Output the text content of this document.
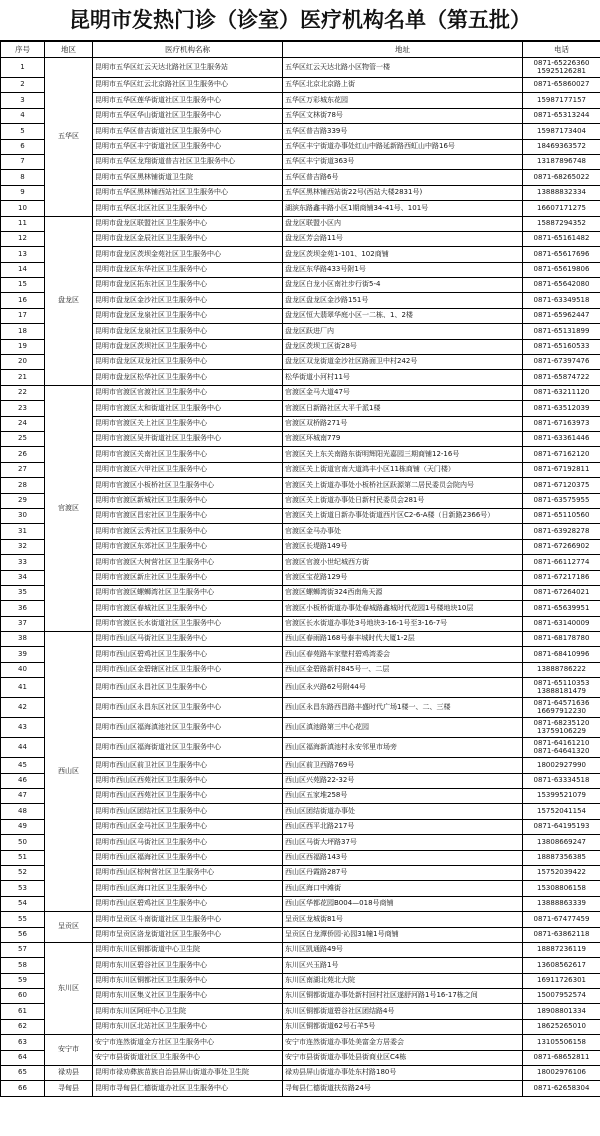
昆明市发热门诊（诊室）医疗机构名单（第五批）
序号	地区	医疗机构名称	地址	电话
1	五华区	昆明市五华区红云天达北路社区卫生服务站	五华区红云天达北路小区物管一楼	0871-65226360 15925126281
2		昆明市五华区红云北京路社区卫生服务中心	五华区北京北京路上街	0871-65860027
3		昆明市五华区莲华街道社区卫生服务中心	五华区万彩城东花园	15987177157
4		昆明市五华区华山街道社区卫生服务中心	五华区文林街78号	0871-65313244
5		昆明市五华区普吉街道社区卫生服务中心	五华区普吉路339号	15987173404
6		昆明市五华区丰宁街道社区卫生服务中心	五华区丰宁街道办事处红山中路延新路西虹山中路16号	18469363572
7		昆明市五华区龙翔街道普吉社区卫生服务中心	五华区丰宁街道363号	13187896748
8		昆明市五华区黑林铺街道卫生院	五华区普吉路6号	0871-68265022
9		昆明市五华区黑林铺西站社区卫生服务中心	五华区黑林铺西站街22号(西站大楼2831号)	13888832334
10		昆明市五华区北区社区卫生服务中心	湖滨东路鑫丰路小区1期商铺34-41号、101号	16607171275
11	盘龙区	昆明市盘龙区联盟社区卫生服务中心	盘龙区联盟小区内	15887294352
12		昆明市盘龙区金辰社区卫生服务中心	盘龙区芳会路11号	0871-65161482
13		昆明市盘龙区茨坝金苑社区卫生服务中心	盘龙区茨坝金苑1-101、102商铺	0871-65617696
14		昆明市盘龙区东华社区卫生服务中心	盘龙区东华路433号附1号	0871-65619806
15		昆明市盘龙区拓东社区卫生服务中心	盘龙区白龙小区南社步行街5-4	0871-65642080
16		昆明市盘龙区金沙社区卫生服务中心	盘龙区盘龙区金沙路151号	0871-63349518
17		昆明市盘龙区龙泉社区卫生服务中心	盘龙区恒大翡翠华庭小区一二栋、1、2楼	0871-65962447
18		昆明市盘龙区龙泉社区卫生服务中心	盘龙区跃进厂内	0871-65131899
19		昆明市盘龙区茨坝社区卫生服务中心	盘龙区茨坝工区街28号	0871-65160533
20		昆明市盘龙区双龙社区卫生服务中心	盘龙区双龙街道金沙社区路面卫中村242号	0871-67397476
21		昆明市盘龙区松华社区卫生服务中心	松华街道小河村11号	0871-65874722
22	官渡区	昆明市官渡区官渡社区卫生服务中心	官渡区金马大道47号	0871-63211120
23		昆明市官渡区太和街道社区卫生服务中心	官渡区日新路社区大平千派1楼	0871-63512039
24		昆明市官渡区关上社区卫生服务中心	官渡区双桥路271号	0871-67163973
25		昆明市官渡区吴井街道社区卫生服务中心	官渡区环城南779	0871-63361446
26		昆明市官渡区关南社区卫生服务中心	官渡区关上东关南路东街明辉阳光嘉园三期商铺12-16号	0871-67162120
27		昆明市官渡区六甲社区卫生服务中心	官渡区关上街道官南大道鸿丰小区11栋商铺（天门楼）	0871-67192811
28		昆明市官渡区小板桥社区卫生服务中心	官渡区关上街道办事处小板桥社区跃源第二居民委员会院内号	0871-67120375
29		昆明市官渡区新城社区卫生服务中心	官渡区关上街道办事处日新村民委员会281号	0871-63575955
30		昆明市官渡区昌宏社区卫生服务中心	官渡区关上街道日新办事处街道西片区C2-6-A楼（日新路2366号）	0871-65110560
31		昆明市官渡区云秀社区卫生服务中心	官渡区金马办事处	0871-63928278
32		昆明市官渡区东郊社区卫生服务中心	官渡区长堤路149号	0871-67266902
33		昆明市官渡区大树营社区卫生服务中心	官渡区官渡小世纪城西方街	0871-66112774
34		昆明市官渡区新庄社区卫生服务中心	官渡区宝花路129号	0871-67217186
35		昆明市官渡区螺蛳湾社区卫生服务中心	官渡区螺蛳湾街324西南角天源	0871-67264021
36		昆明市官渡区春城社区卫生服务中心	官渡区小板桥街道办事处春城路鑫城时代花园1号楼地块10层	0871-65639951
37		昆明市官渡区长水街道社区卫生服务中心	官渡区长水街道办事处3号地块3-16-1号至3-16-7号	0871-63140009
38	西山区	昆明市西山区马街社区卫生服务中心	西山区春雨路168号泰丰城时代大厦1-2层	0871-68178780
39		昆明市西山区碧鸡社区卫生服务中心	西山区春苑路车家壁村碧鸡湾委会	0871-68410996
40		昆明市西山区金碧辖区社区卫生服务中心	西山区金碧路新村845号一、二层	13888786222
41		昆明市西山区永昌社区卫生服务中心	西山区永兴路62号附44号	0871-65110353 13888181479
42		昆明市西山区永昌东区社区卫生服务中心	西山区永昌东路西昌路丰盛时代广场1楼一、二、三楼	0871-64571636 16697912230
43		昆明市西山区福海滇池社区卫生服务中心	西山区滇池路第三中心花园	0871-68235120 13759106229
44		昆明市西山区福海街道社区卫生服务中心	西山区福海新滇池村永安邻里市场旁	0871-64161210 0871-64641320
45		昆明市西山区前卫社区卫生服务中心	西山区前卫西路769号	18002927990
46		昆明市西山区西苑社区卫生服务中心	西山区兴苑路22-32号	0871-63334518
47		昆明市西山区西苑社区卫生服务中心	西山区五家堆258号	15399521079
48		昆明市西山区团结社区卫生服务中心	西山区团结街道办事处	15752041154
49		昆明市西山区金马社区卫生服务中心	西山区西平北路217号	0871-64195193
50		昆明市西山区马街社区卫生服务中心	西山区马街大坪路37号	13808669247
51		昆明市西山区福海社区卫生服务中心	西山区西福路143号	18887356385
52		昆明市西山区棕树营社区卫生服务中心	西山区丹霞路287号	15752039422
53		昆明市西山区海口社区卫生服务中心	西山区海口中滩街	15308806158
54		昆明市西山区碧鸡社区卫生服务中心	西山区华都花园B004—018号商铺	13888863339
55	呈贡区	昆明市呈贡区斗南街道社区卫生服务中心	呈贡区龙城街81号	0871-67477459
56		昆明市呈贡区洛龙街道社区卫生服务中心	呈贡区白龙潭侨园·沁园31幢1号商铺	0871-63862118
57	东川区	昆明市东川区铜都街道中心卫生院	东川区凯通路49号	18887236119
58		昆明市东川区碧谷社区卫生服务中心	东川区兴玉路1号	13608562617
59		昆明市东川区铜都社区卫生服务中心	东川区南湖北苑北大院	16911726301
60		昆明市东川区集义社区卫生服务中心	东川区铜都街道办事处新村回村社区遂舒河路1号16-17栋之间	15007952574
61		昆明市东川区阿旺中心卫生院	东川区铜都街道碧谷社区团结路4号	18908801334
62		昆明市东川区北站社区卫生服务中心	东川区铜都街道62号石羊5号	18625265010
63	安宁市	安宁市连然街道金方社区卫生服务中心	安宁市连然街道办事处美富金方居委会	13105506158
64		安宁市县街街道社区卫生服务中心	安宁市县街街道办事处县街商业区C4栋	0871-68652811
65	禄劝县	昆明市禄劝彝族苗族自治县屏山街道办事处卫生院	禄劝县屏山街道办事处东村路180号	18002976106
66	寻甸县	昆明市寻甸县仁德街道办社区卫生服务中心	寻甸县仁德街道扶贫路24号	0871-62658304
